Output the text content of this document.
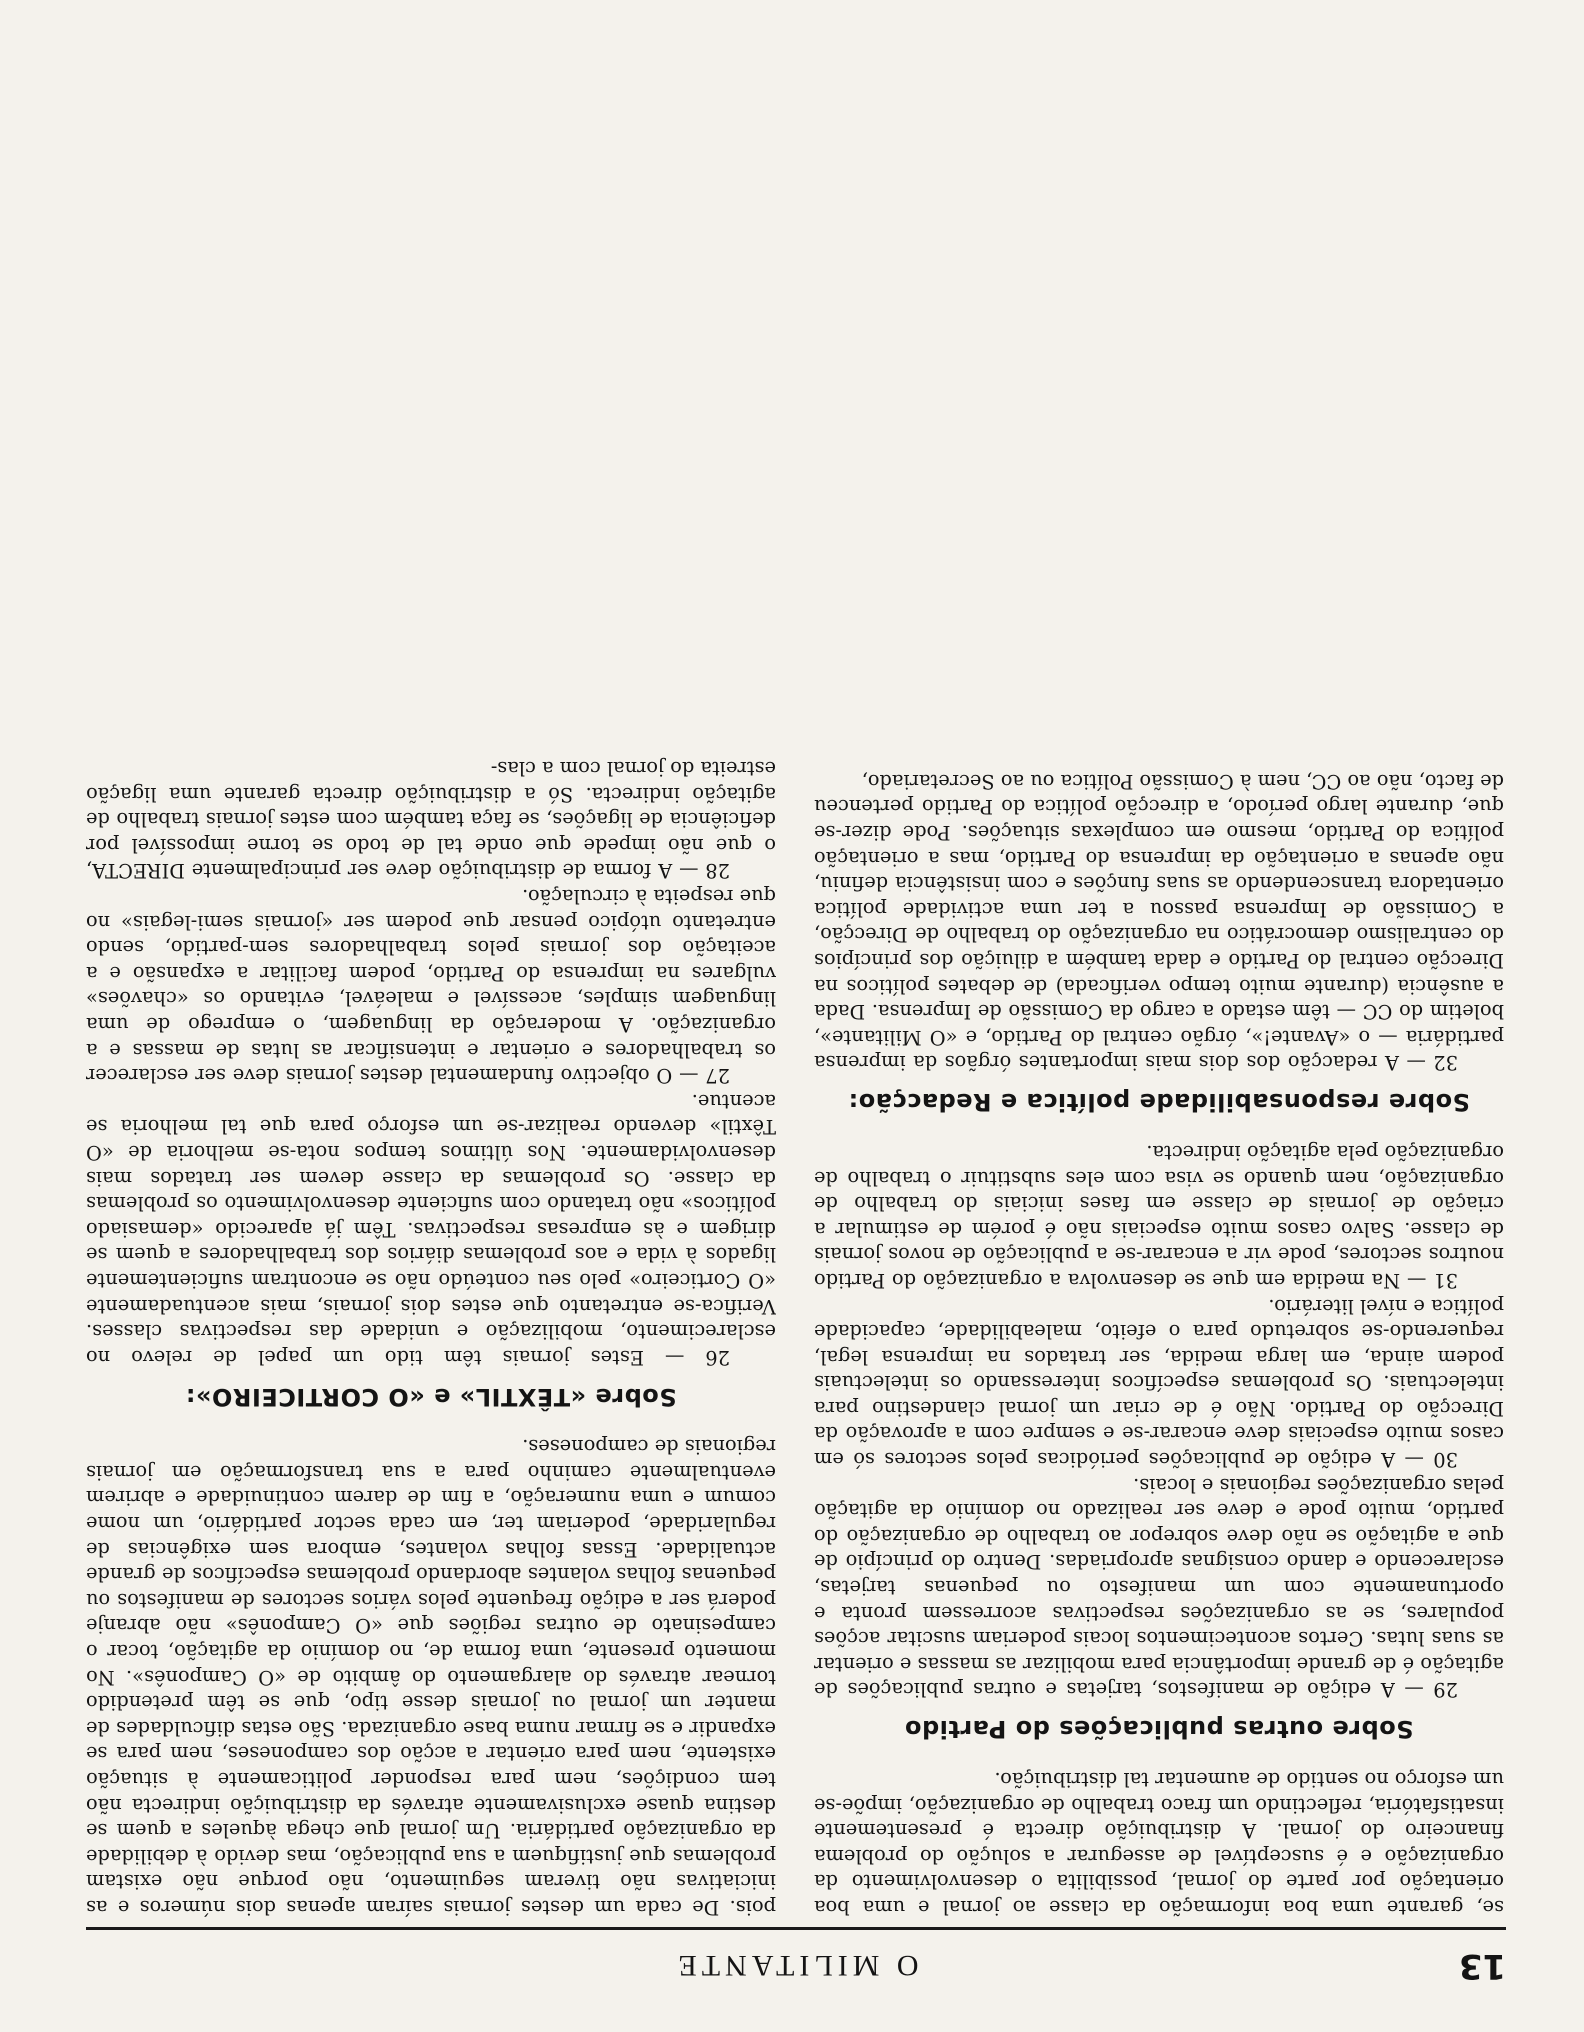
13
O MILITANTE

se, garante uma boa informação da classe ao jornal e uma boa orientação por parte do jornal, possibilita o desenvolvimento da organização e é susceptível de assegurar a solução do problema financeiro do jornal. A distribuição directa é presentemente insatisfatória, reflectindo um fraco trabalho de organização, impõe-se um esforço no sentido de aumentar tal distribuição.

Sobre outras publicações do Partido

29 — A edição de manifestos, tarjetas e outras publicações de agitação é de grande importância para mobilizar as massas e orientar as suas lutas. Certos acontecimentos locais poderiam suscitar acções populares, se as organizações respectivas acorressem pronta e oportunamente com um manifesto ou pequenas tarjetas, esclarecendo e dando consignas apropriadas. Dentro do princípio de que a agitação se não deve sobrepor ao trabalho de organização do partido, muito pode e deve ser realizado no domínio da agitação pelas organizações regionais e locais.

30 — A edição de publicações periódicas pelos sectores só em casos muito especiais deve encarar-se e sempre com a aprovação da Direcção do Partido. Não é de criar um jornal clandestino para intelectuais. Os problemas específicos interessando os intelectuais podem ainda, em larga medida, ser tratados na imprensa legal, requerendo-se sobretudo para o efeito, maleabilidade, capacidade política e nível literário.

31 — Na medida em que se desenvolva a organização do Partido noutros sectores, pode vir a encarar-se a publicação de novos jornais de classe. Salvo casos muito especiais não é porém de estimular a criação de jornais de classe em fases iniciais do trabalho de organização, nem quando se visa com eles substituir o trabalho de organização pela agitação indirecta.

Sobre responsabilidade política e Redacção:

32 — A redacção dos dois mais importantes órgãos da imprensa partidária — o «Avante!», órgão central do Partido, e «O Militante», boletim do CC — têm estado a cargo da Comissão de Imprensa. Dada a ausência (durante muito tempo verificada) de debates políticos na Direcção central do Partido e dada também a diluição dos princípios do centralismo democrático na organização do trabalho de Direcção, a Comissão de Imprensa passou a ter uma actividade política orientadora transcendendo as suas funções e com insistência definiu, não apenas a orientação da imprensa do Partido, mas a orientação política do Partido, mesmo em complexas situações. Pode dizer-se que, durante largo período, a direcção política do Partido pertenceu de facto, não ao CC, nem à Comissão Política ou ao Secretariado,

pois. De cada um destes jornais saíram apenas dois números e as iniciativas não tiveram seguimento, não porque não existam problemas que justifiquem a sua publicação, mas devido à debilidade da organização partidária. Um jornal que chega àqueles a quem se destina quase exclusivamente através da distribuição indirecta não tem condições, nem para responder politicamente à situação existente, nem para orientar a acção dos camponeses, nem para se expandir e se firmar numa base organizada. São estas dificuldades de manter um jornal ou jornais desse tipo, que se têm pretendido tornear através do alargamento do âmbito de «O Camponês». No momento presente, uma forma de, no domínio da agitação, tocar o campesinato de outras regiões que «O Camponês» não abranje poderá ser a edição frequente pelos vários sectores de manifestos ou pequenas folhas volantes abordando problemas específicos de grande actualidade. Essas folhas volantes, embora sem exigências de regularidade, poderiam ter, em cada sector partidário, um nome comum e uma numeração, a fim de darem continuidade e abrirem eventualmente caminho para a sua transformação em jornais regionais de camponeses.

Sobre «TÊXTIL» e «O CORTICEIRO»:

26 — Estes jornais têm tido um papel de relevo no esclarecimento, mobilização e unidade das respectivas classes. Verifica-se entretanto que estes dois jornais, mais acentuadamente «O Corticeiro» pelo seu conteúdo não se encontram suficientemente ligados à vida e aos problemas diários dos trabalhadores a quem se dirigem e às empresas respectivas. Têm já aparecido «demasiado políticos» não tratando com suficiente desenvolvimento os problemas da classe. Os problemas da classe devem ser tratados mais desenvolvidamente. Nos últimos tempos nota-se melhoria de «O Têxtil» devendo realizar-se um esforço para que tal melhoria se acentue.

27 — O objectivo fundamental destes jornais deve ser esclarecer os trabalhadores e orientar e intensificar as lutas de massas e a organização. A moderação da linguagem, o emprego de uma linguagem simples, acessível e maleável, evitando os «chavões» vulgares na imprensa do Partido, podem facilitar a expansão e a aceitação dos jornais pelos trabalhadores sem-partido, sendo entretanto utópico pensar que podem ser «jornais semi-legais» no que respeita à circulação.

28 — A forma de distribuição deve ser principalmente DIRECTA, o que não impede que onde tal de todo se torne impossível por deficiência de ligações, se faça também com estes jornais trabalho de agitação indirecta. Só a distribuição directa garante uma ligação estreita do jornal com a clas-
